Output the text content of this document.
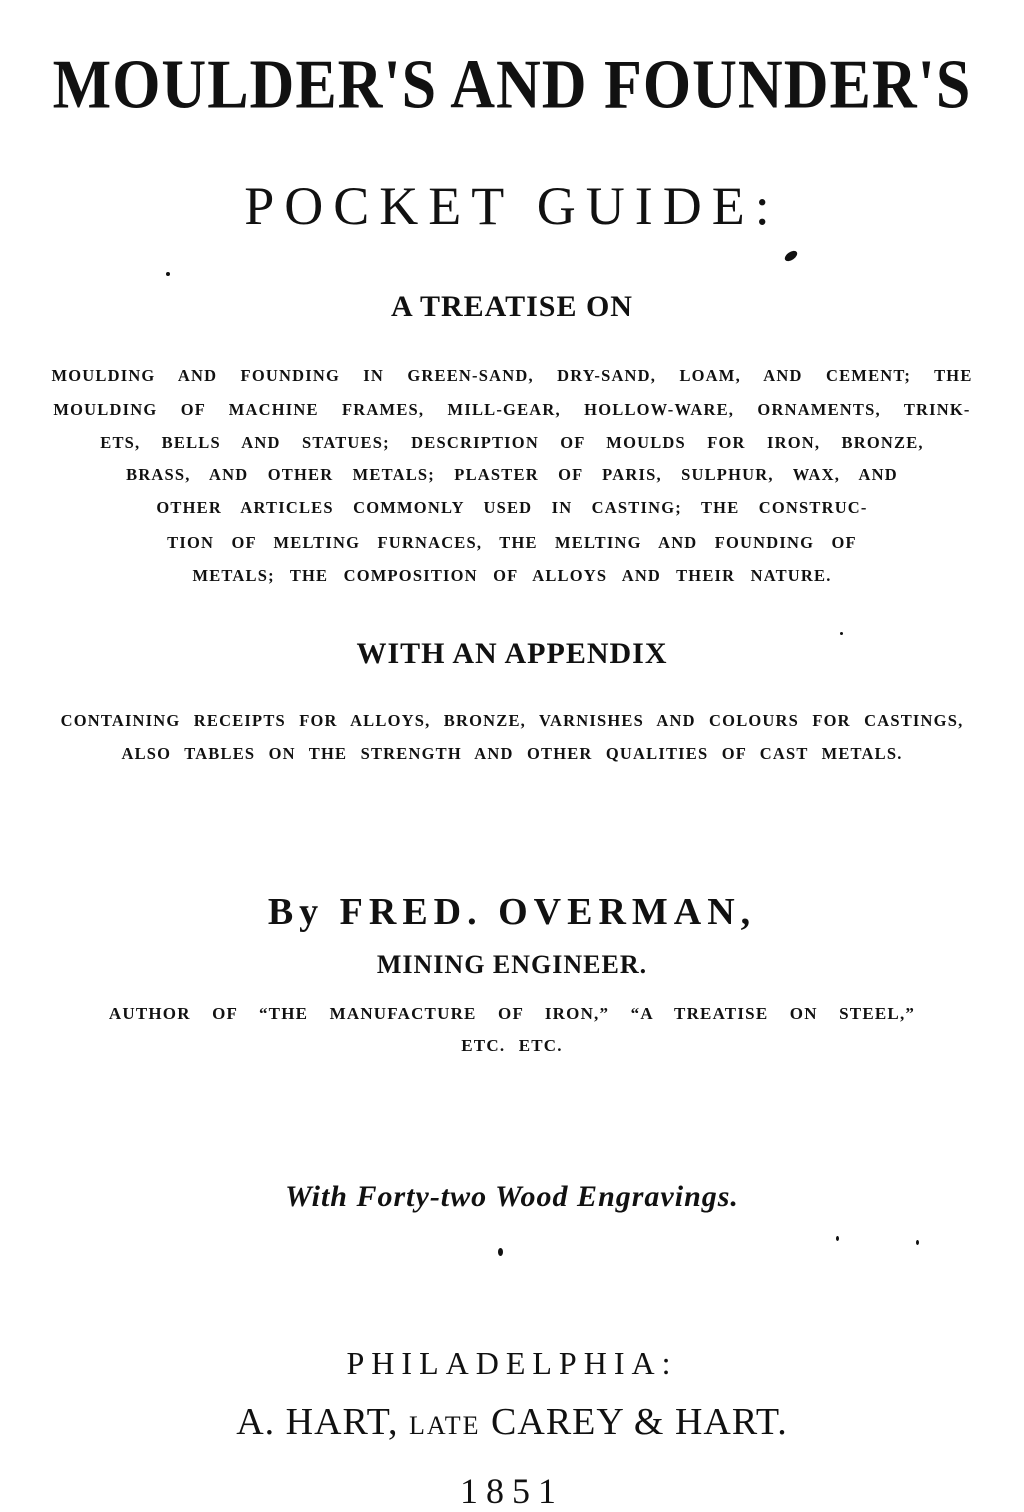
MOULDER'S AND FOUNDER'S
POCKET GUIDE:
A TREATISE ON
MOULDING AND FOUNDING IN GREEN-SAND, DRY-SAND, LOAM, AND CEMENT; THE
MOULDING OF MACHINE FRAMES, MILL-GEAR, HOLLOW-WARE, ORNAMENTS, TRINK-
ETS, BELLS AND STATUES; DESCRIPTION OF MOULDS FOR IRON, BRONZE,
BRASS, AND OTHER METALS; PLASTER OF PARIS, SULPHUR, WAX, AND
OTHER ARTICLES COMMONLY USED IN CASTING; THE CONSTRUC-
TION OF MELTING FURNACES, THE MELTING AND FOUNDING OF
METALS; THE COMPOSITION OF ALLOYS AND THEIR NATURE.
WITH AN APPENDIX
CONTAINING RECEIPTS FOR ALLOYS, BRONZE, VARNISHES AND COLOURS FOR CASTINGS,
ALSO TABLES ON THE STRENGTH AND OTHER QUALITIES OF CAST METALS.
By FRED. OVERMAN,
MINING ENGINEER.
AUTHOR OF “THE MANUFACTURE OF IRON,” “A TREATISE ON STEEL,”
ETC. ETC.
With Forty-two Wood Engravings.
PHILADELPHIA:
A. HART, LATE CAREY & HART.
1851
